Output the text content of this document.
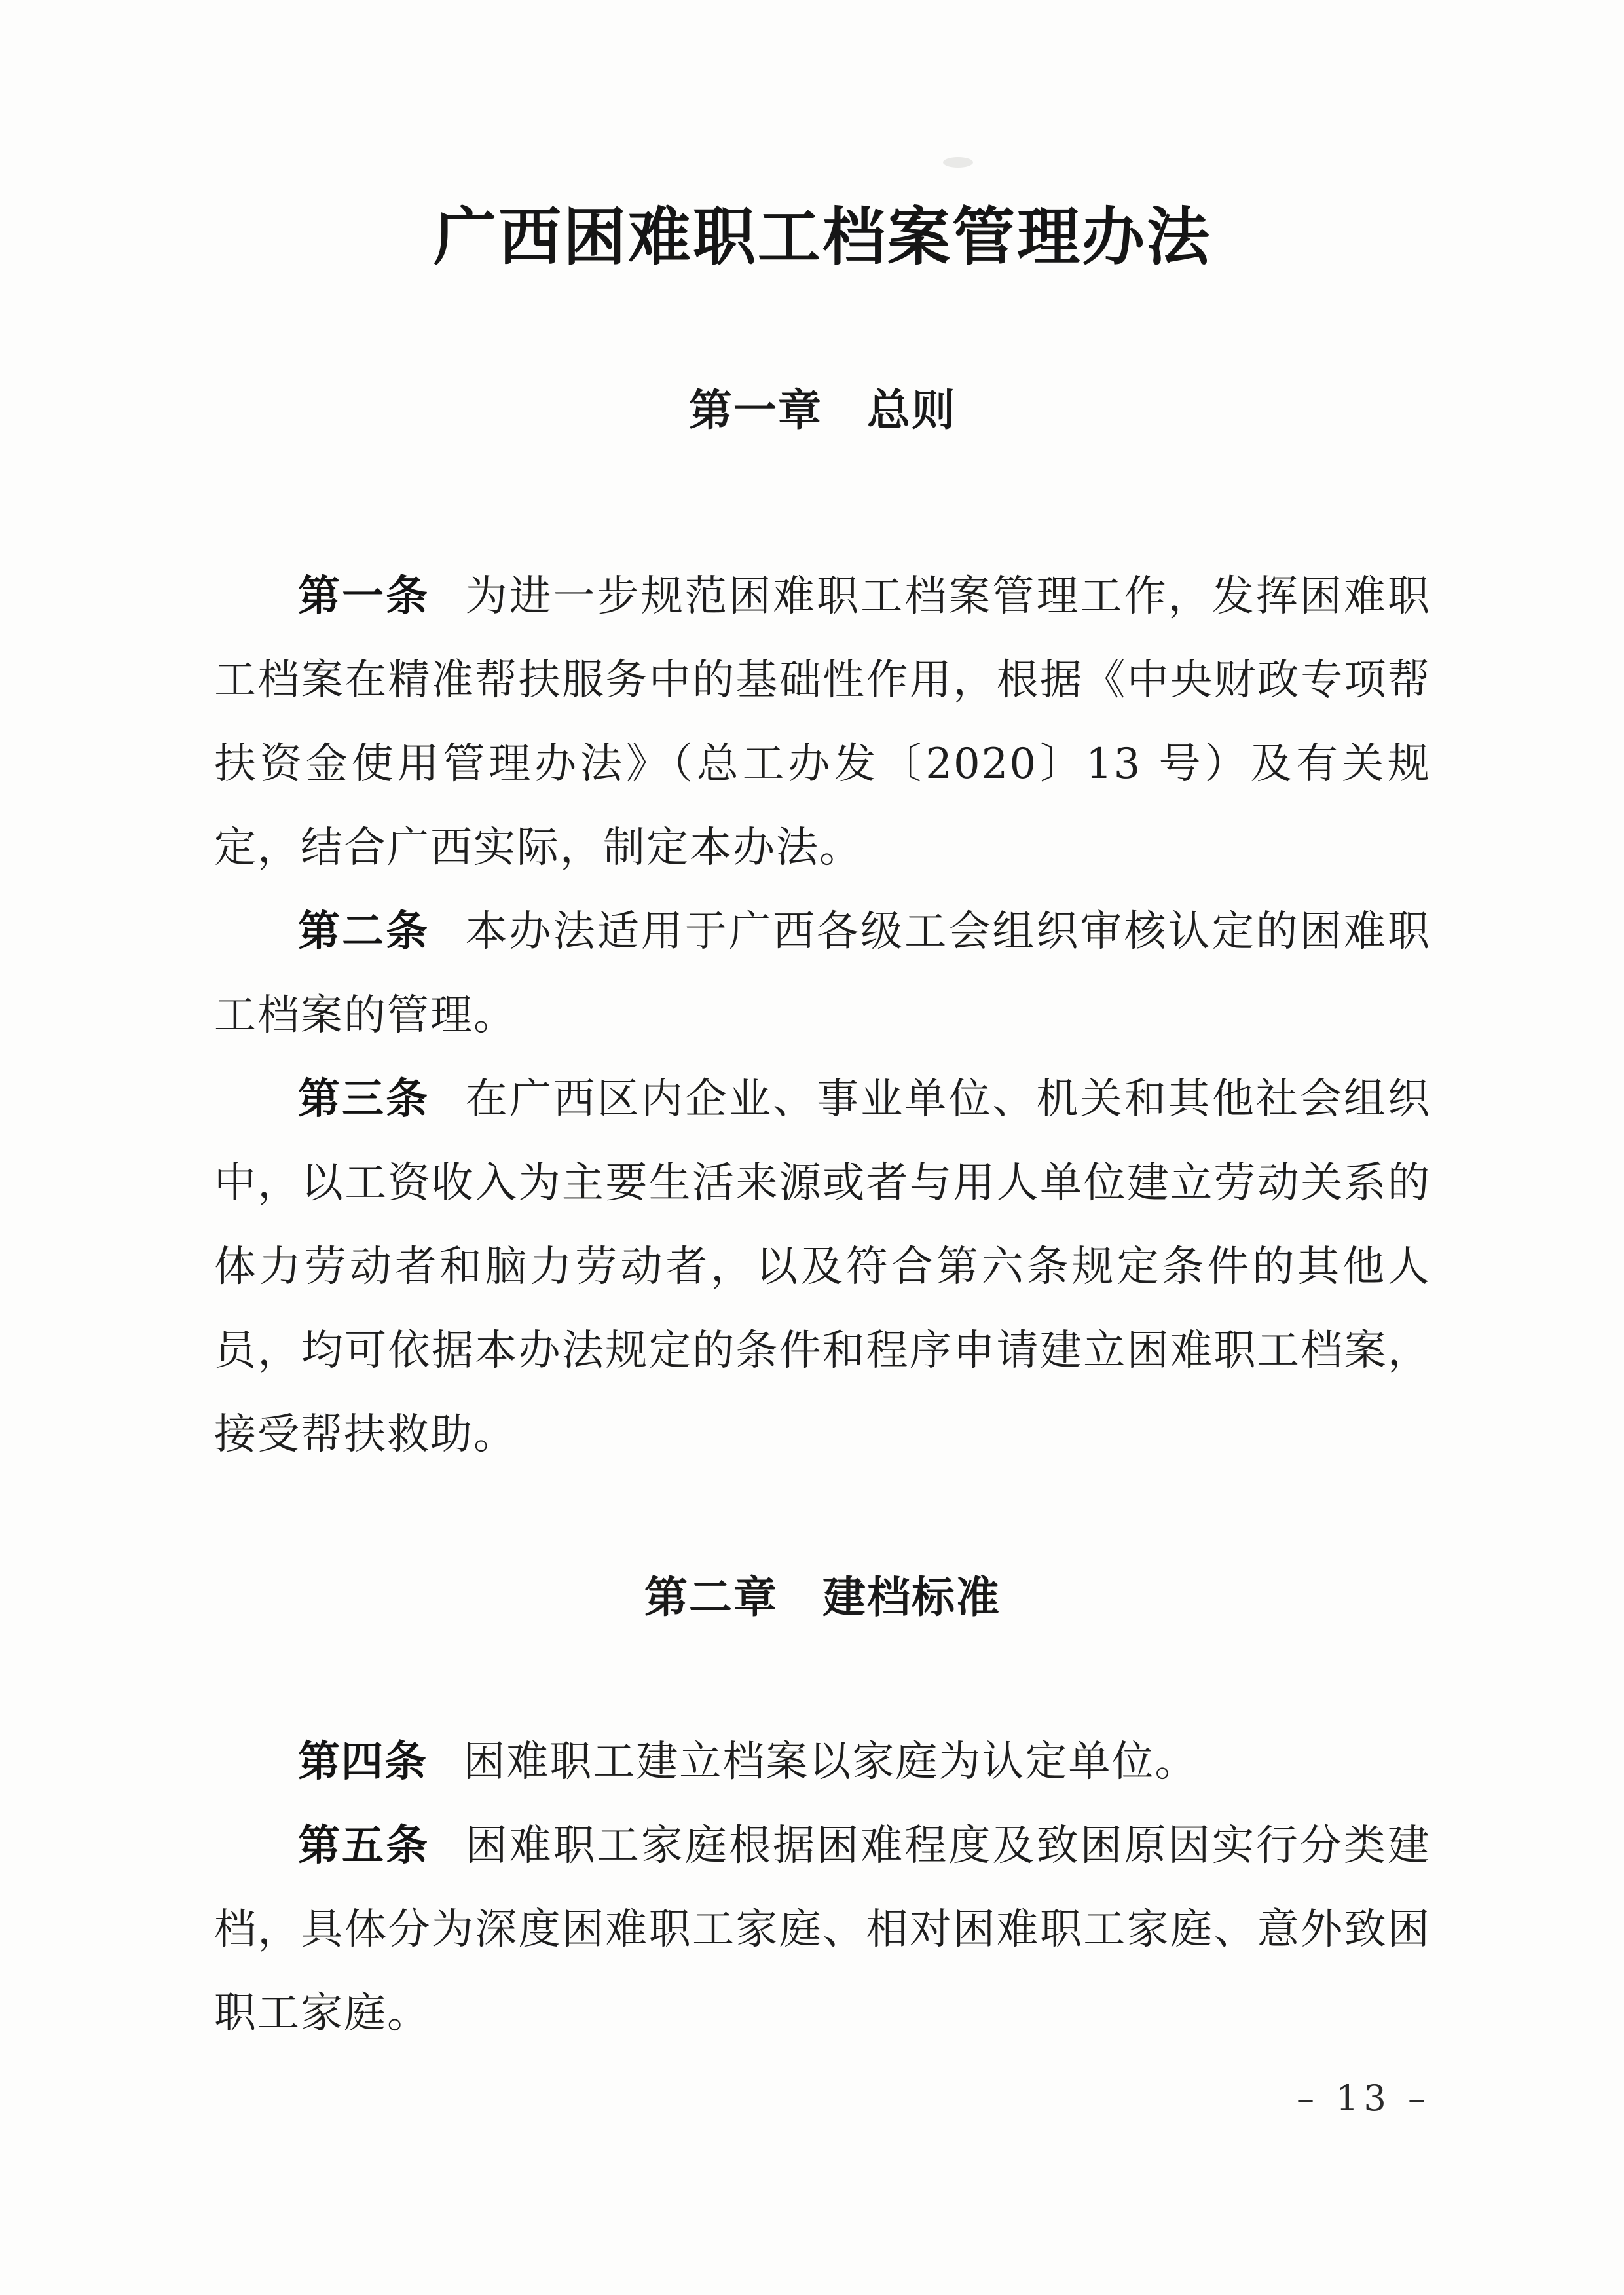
广西困难职工档案管理办法
第一章　总则

第一条 为进一步规范困难职工档案管理工作，发挥困难职工档案在精准帮扶服务中的基础性作用，根据《中央财政专项帮扶资金使用管理办法》（总工办发〔2020〕13 号）及有关规定，结合广西实际，制定本办法。

第二条 本办法适用于广西各级工会组织审核认定的困难职工档案的管理。

第三条 在广西区内企业、事业单位、机关和其他社会组织中，以工资收入为主要生活来源或者与用人单位建立劳动关系的体力劳动者和脑力劳动者，以及符合第六条规定条件的其他人员，均可依据本办法规定的条件和程序申请建立困难职工档案，接受帮扶救助。

第二章　建档标准

第四条 困难职工建立档案以家庭为认定单位。

第五条 困难职工家庭根据困难程度及致困原因实行分类建档，具体分为深度困难职工家庭、相对困难职工家庭、意外致困职工家庭。

– 13 –
